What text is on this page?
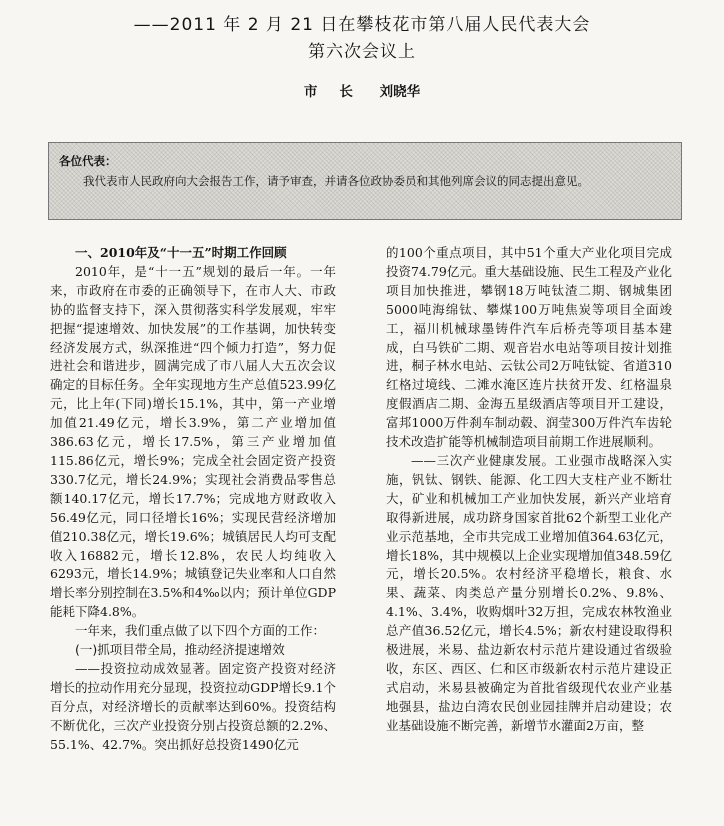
——2011 年 2 月 21 日在攀枝花市第八届人民代表大会
第六次会议上
市长 刘晓华
各位代表：
我代表市人民政府向大会报告工作，请予审查，并请各位政协委员和其他列席会议的同志提出意见。
一、2010年及“十一五”时期工作回顾

2010年，是“十一五”规划的最后一年。一年来，市政府在市委的正确领导下，在市人大、市政协的监督支持下，深入贯彻落实科学发展观，牢牢把握“提速增效、加快发展”的工作基调，加快转变经济发展方式，纵深推进“四个倾力打造”，努力促进社会和谐进步，圆满完成了市八届人大五次会议确定的目标任务。全年实现地方生产总值523.99亿元，比上年(下同)增长15.1%，其中，第一产业增加值21.49亿元，增长3.9%，第二产业增加值386.63亿元，增长17.5%，第三产业增加值115.86亿元，增长9%；完成全社会固定资产投资330.7亿元，增长24.9%；实现社会消费品零售总额140.17亿元，增长17.7%；完成地方财政收入56.49亿元，同口径增长16%；实现民营经济增加值210.38亿元，增长19.6%；城镇居民人均可支配收入16882元，增长12.8%，农民人均纯收入6293元，增长14.9%；城镇登记失业率和人口自然增长率分别控制在3.5%和4‰以内；预计单位GDP能耗下降4.8%。

一年来，我们重点做了以下四个方面的工作：

(一)抓项目带全局，推动经济提速增效

——投资拉动成效显著。固定资产投资对经济增长的拉动作用充分显现，投资拉动GDP增长9.1个百分点，对经济增长的贡献率达到60%。投资结构不断优化，三次产业投资分别占投资总额的2.2%、55.1%、42.7%。突出抓好总投资1490亿元

的100个重点项目，其中51个重大产业化项目完成投资74.79亿元。重大基础设施、民生工程及产业化项目加快推进，攀钢18万吨钛渣二期、钢城集团5000吨海绵钛、攀煤100万吨焦炭等项目全面竣工，福川机械球墨铸件汽车后桥壳等项目基本建成，白马铁矿二期、观音岩水电站等项目按计划推进，桐子林水电站、云钛公司2万吨钛锭、省道310红格过境线、二滩水淹区连片扶贫开发、红格温泉度假酒店二期、金海五星级酒店等项目开工建设，富邦1000万件刹车制动毂、润莹300万件汽车齿轮技术改造扩能等机械制造项目前期工作进展顺利。

——三次产业健康发展。工业强市战略深入实施，钒钛、钢铁、能源、化工四大支柱产业不断壮大，矿业和机械加工产业加快发展，新兴产业培育取得新进展，成功跻身国家首批62个新型工业化产业示范基地，全市共完成工业增加值364.63亿元，增长18%，其中规模以上企业实现增加值348.59亿元，增长20.5%。农村经济平稳增长，粮食、水果、蔬菜、肉类总产量分别增长0.2%、9.8%、4.1%、3.4%，收购烟叶32万担，完成农林牧渔业总产值36.52亿元，增长4.5%；新农村建设取得积极进展，米易、盐边新农村示范片建设通过省级验收，东区、西区、仁和区市级新农村示范片建设正式启动，米易县被确定为首批省级现代农业产业基地强县，盐边白湾农民创业园挂牌并启动建设；农业基础设施不断完善，新增节水灌面2万亩，整
